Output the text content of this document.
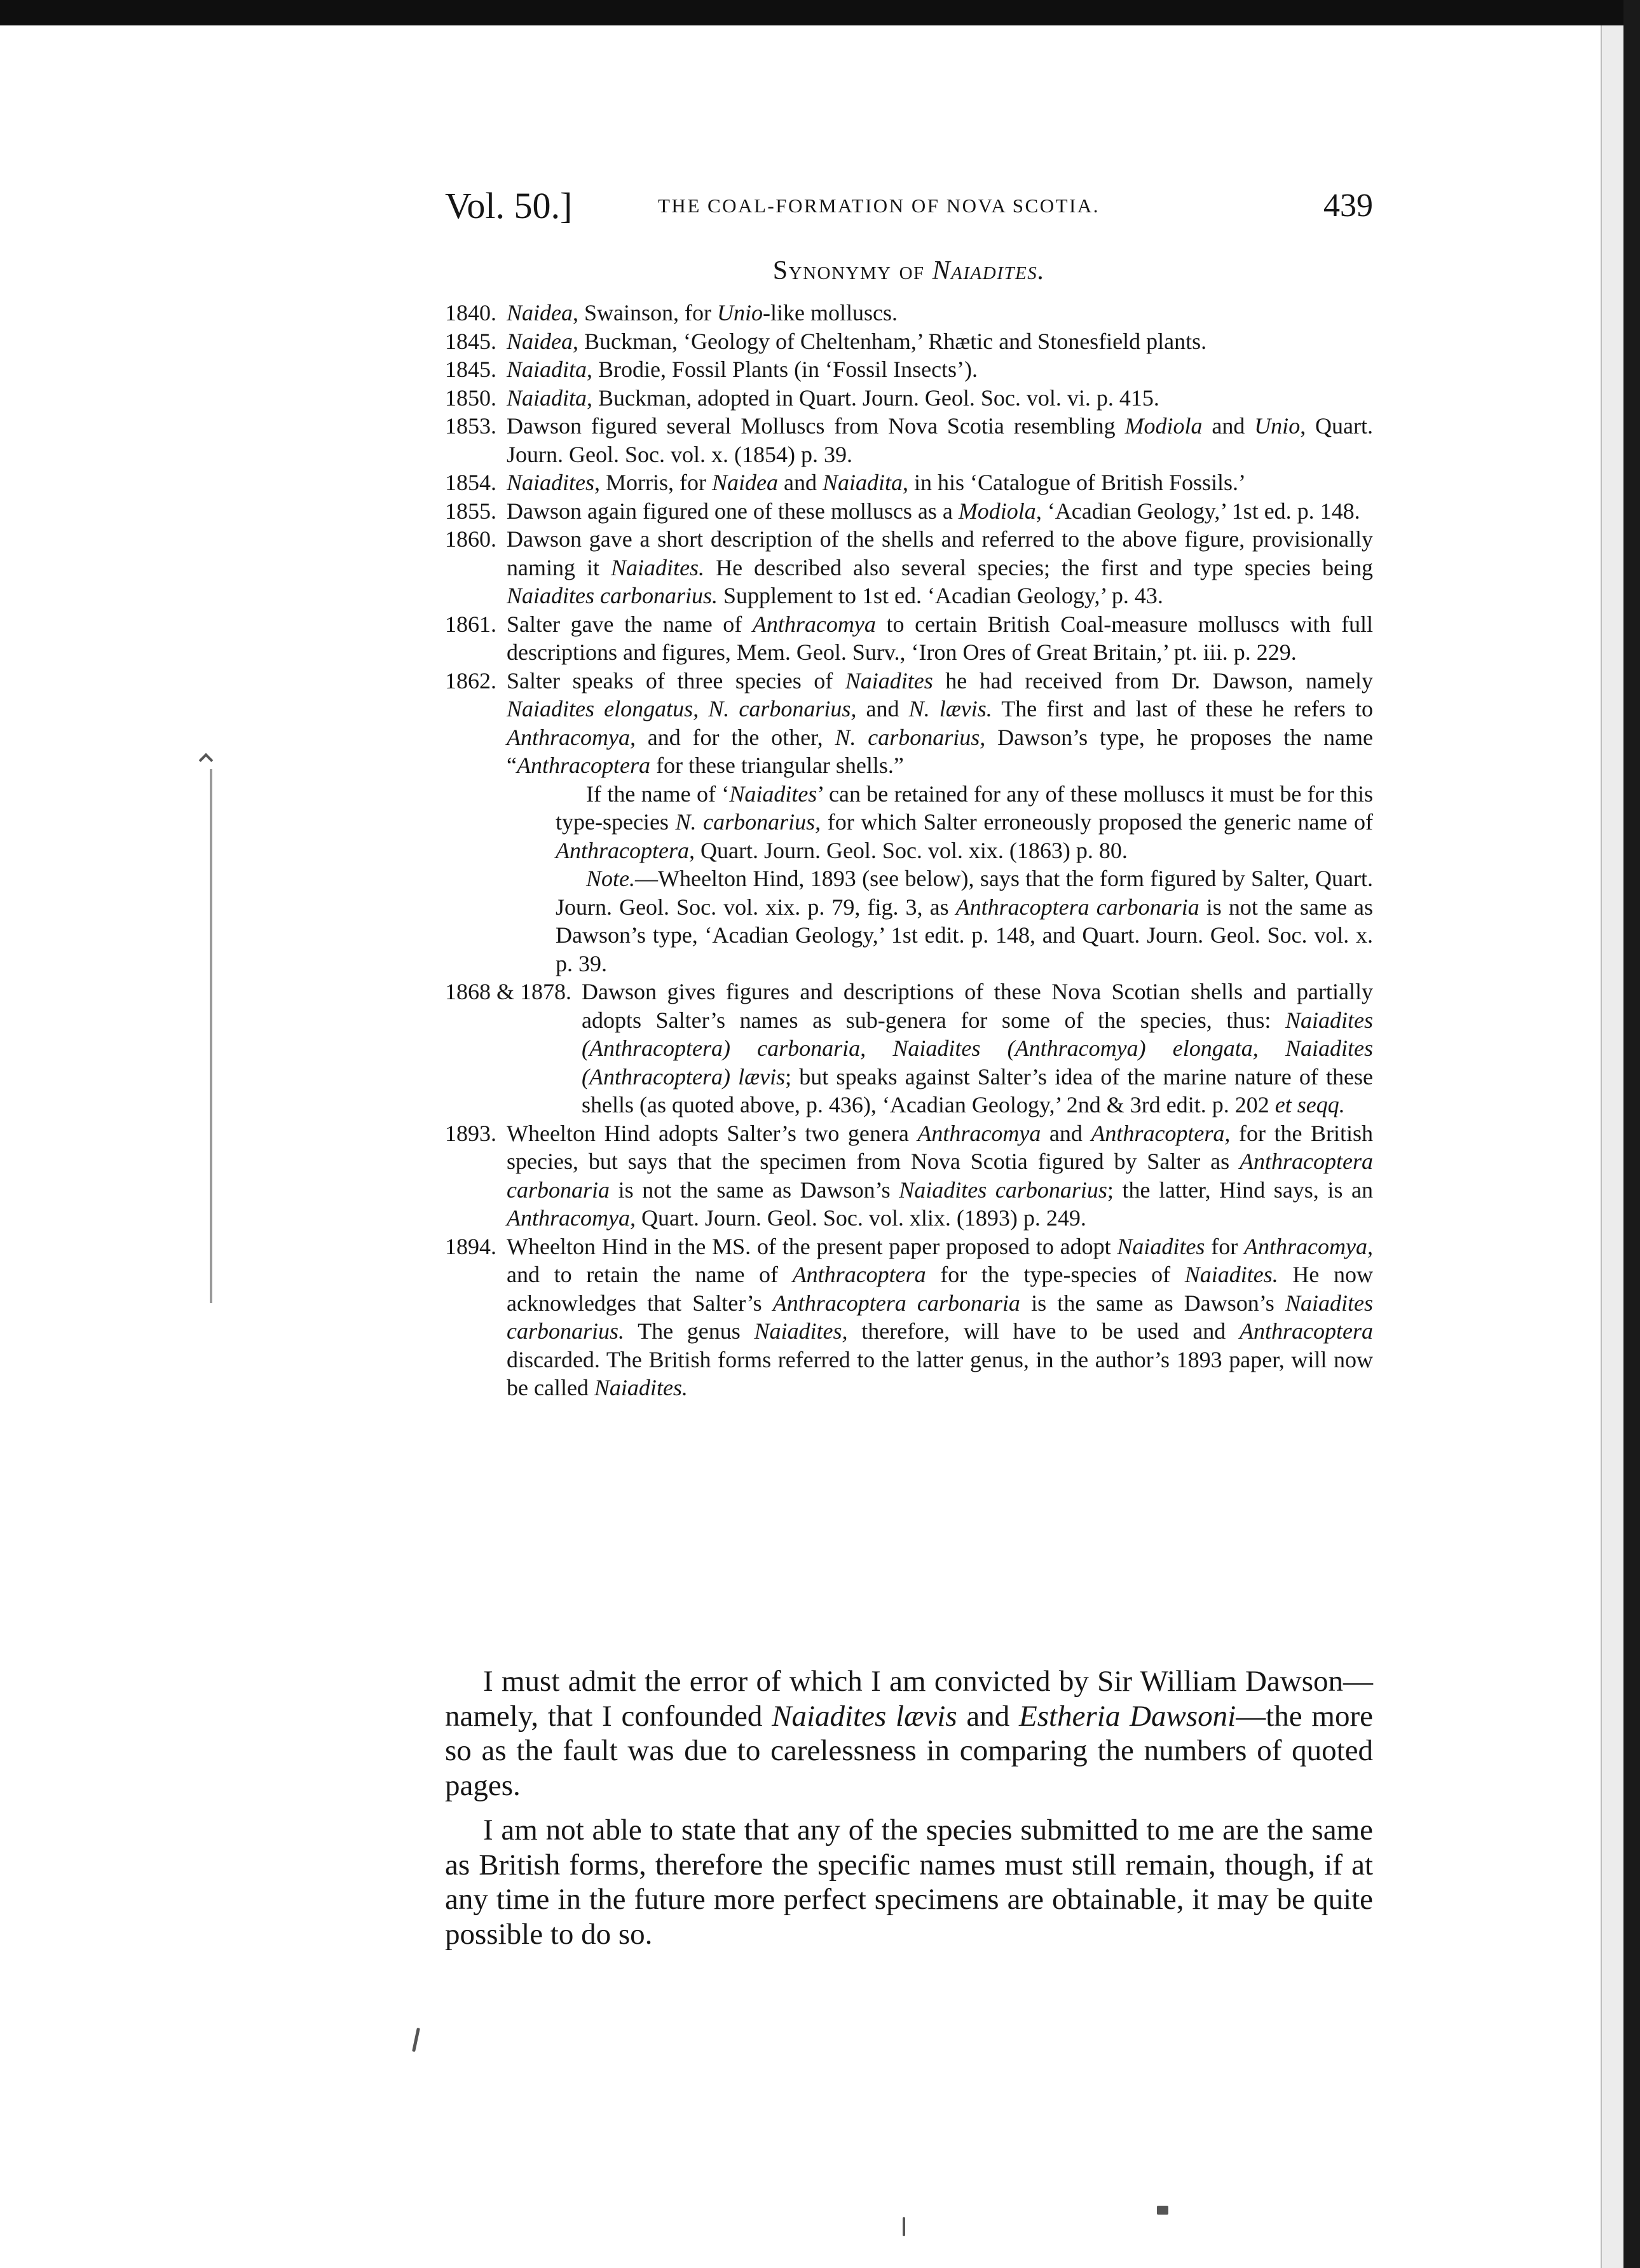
Vol. 50.]	THE COAL-FORMATION OF NOVA SCOTIA.	439
Synonymy of Naiadites.
1840. Naidea, Swainson, for Unio-like molluscs.
1845. Naidea, Buckman, ‘Geology of Cheltenham,’ Rhætic and Stonesfield plants.
1845. Naiadita, Brodie, Fossil Plants (in ‘Fossil Insects’).
1850. Naiadita, Buckman, adopted in Quart. Journ. Geol. Soc. vol. vi. p. 415.
1853. Dawson figured several Molluscs from Nova Scotia resembling Modiola and Unio, Quart. Journ. Geol. Soc. vol. x. (1854) p. 39.
1854. Naiadites, Morris, for Naidea and Naiadita, in his ‘Catalogue of British Fossils.’
1855. Dawson again figured one of these molluscs as a Modiola, ‘Acadian Geology,’ 1st ed. p. 148.
1860. Dawson gave a short description of the shells and referred to the above figure, provisionally naming it Naiadites. He described also several species; the first and type species being Naiadites carbonarius. Supplement to 1st ed. ‘Acadian Geology,’ p. 43.
1861. Salter gave the name of Anthracomya to certain British Coal-measure molluscs with full descriptions and figures, Mem. Geol. Surv., ‘Iron Ores of Great Britain,’ pt. iii. p. 229.
1862. Salter speaks of three species of Naiadites he had received from Dr. Dawson, namely Naiadites elongatus, N. carbonarius, and N. lævis. The first and last of these he refers to Anthracomya, and for the other, N. carbonarius, Dawson’s type, he proposes the name “Anthracoptera for these triangular shells.”
If the name of ‘Naiadites’ can be retained for any of these molluscs it must be for this type-species N. carbonarius, for which Salter erroneously proposed the generic name of Anthracoptera, Quart. Journ. Geol. Soc. vol. xix. (1863) p. 80.
Note.—Wheelton Hind, 1893 (see below), says that the form figured by Salter, Quart. Journ. Geol. Soc. vol. xix. p. 79, fig. 3, as Anthracoptera carbonaria is not the same as Dawson’s type, ‘Acadian Geology,’ 1st edit. p. 148, and Quart. Journ. Geol. Soc. vol. x. p. 39.
1868 & 1878. Dawson gives figures and descriptions of these Nova Scotian shells and partially adopts Salter’s names as sub-genera for some of the species, thus: Naiadites (Anthracoptera) carbonaria, Naiadites (Anthracomya) elongata, Naiadites (Anthracoptera) lævis; but speaks against Salter’s idea of the marine nature of these shells (as quoted above, p. 436), ‘Acadian Geology,’ 2nd & 3rd edit. p. 202 et seqq.
1893. Wheelton Hind adopts Salter’s two genera Anthracomya and Anthracoptera, for the British species, but says that the specimen from Nova Scotia figured by Salter as Anthracoptera carbonaria is not the same as Dawson’s Naiadites carbonarius; the latter, Hind says, is an Anthracomya, Quart. Journ. Geol. Soc. vol. xlix. (1893) p. 249.
1894. Wheelton Hind in the MS. of the present paper proposed to adopt Naiadites for Anthracomya, and to retain the name of Anthracoptera for the type-species of Naiadites. He now acknowledges that Salter’s Anthracoptera carbonaria is the same as Dawson’s Naiadites carbonarius. The genus Naiadites, therefore, will have to be used and Anthracoptera discarded. The British forms referred to the latter genus, in the author’s 1893 paper, will now be called Naiadites.

I must admit the error of which I am convicted by Sir William Dawson—namely, that I confounded Naiadites lævis and Estheria Dawsoni—the more so as the fault was due to carelessness in comparing the numbers of quoted pages.

I am not able to state that any of the species submitted to me are the same as British forms, therefore the specific names must still remain, though, if at any time in the future more perfect specimens are obtainable, it may be quite possible to do so.
